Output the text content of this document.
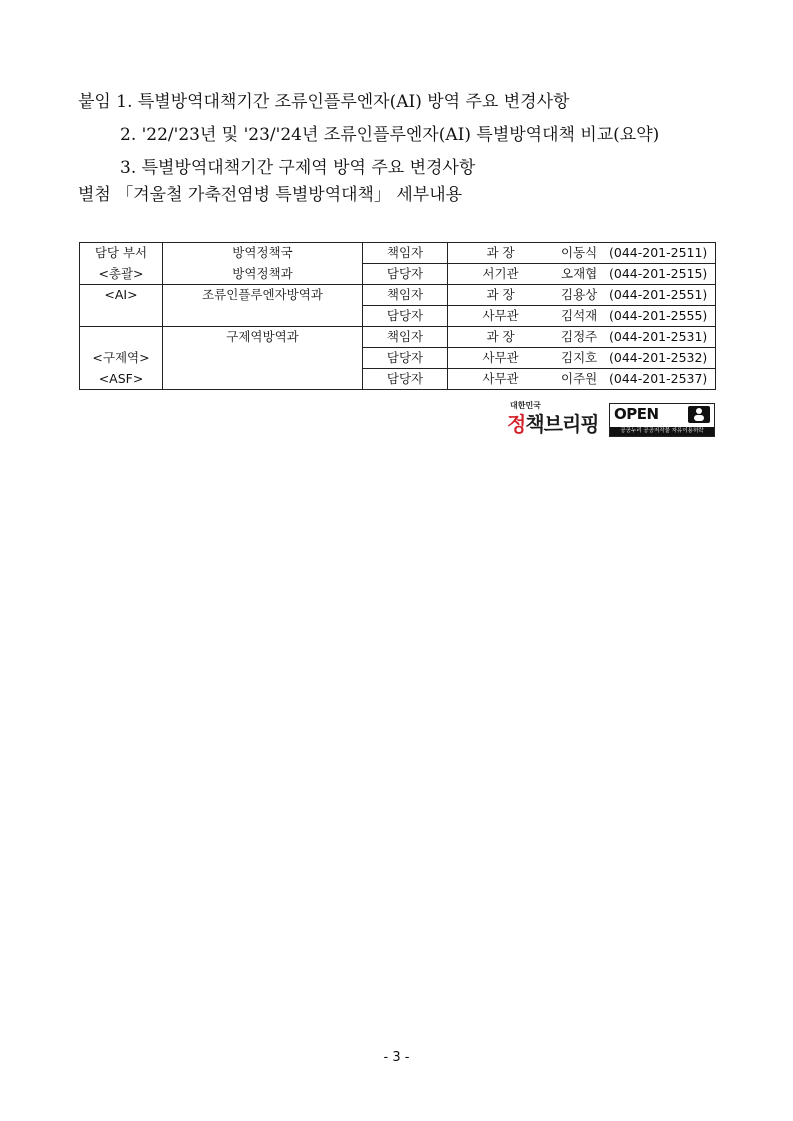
붙임 1. 특별방역대책기간 조류인플루엔자(AI) 방역 주요 변경사항
2. '22/'23년 및 '23/'24년 조류인플루엔자(AI) 특별방역대책 비교(요약)
3. 특별방역대책기간 구제역 방역 주요 변경사항
별첨 「겨울철 가축전염병 특별방역대책」 세부내용
담당 부서	방역정책국	책임자	과 장 이동식 (044-201-2511)

<총괄>	방역정책과	담당자	서기관 오재협 (044-201-2515)

<AI>	조류인플루엔자방역과	책임자	과 장 김용상 (044-201-2551)

		담당자	사무관 김석재 (044-201-2555)

	구제역방역과	책임자	과 장 김정주 (044-201-2531)

<구제역>		담당자	사무관 김지호 (044-201-2532)

<ASF>		담당자	사무관 이주원 (044-201-2537)
대한민국
정책브리핑 OPEN
공공누리 공공저작물 자유이용허락
- 3 -
